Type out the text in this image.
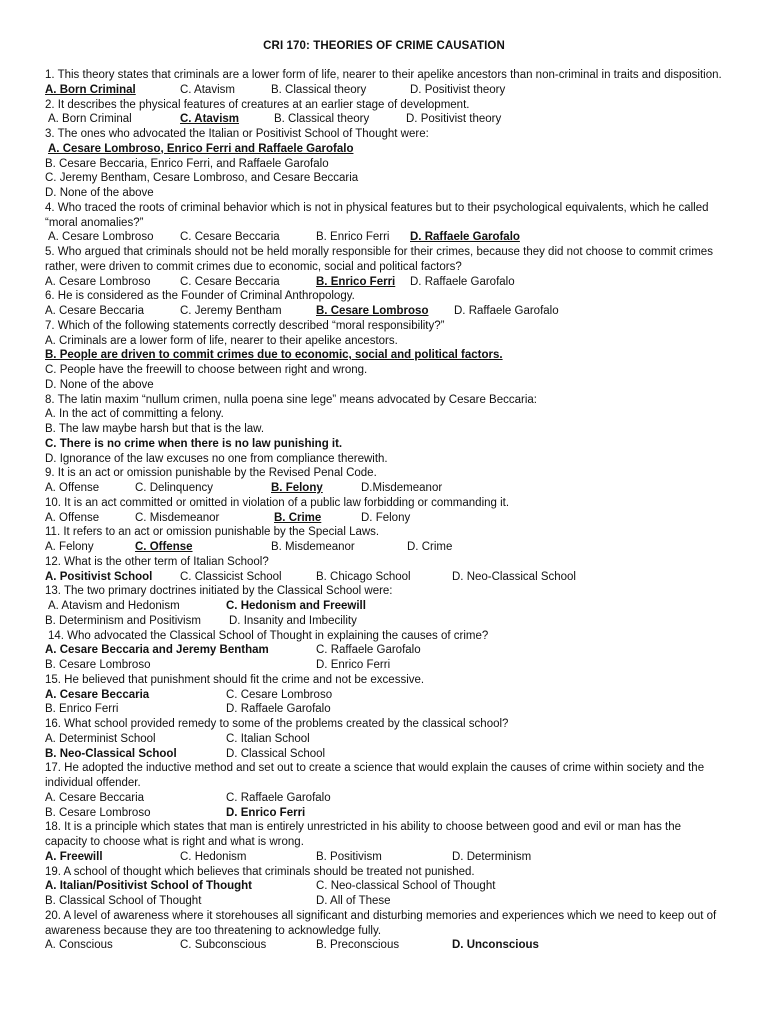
CRI 170: THEORIES OF CRIME CAUSATION
1. This theory states that criminals are a lower form of life, nearer to their apelike ancestors than non-criminal in traits and disposition.
A. Born Criminal	C. Atavism	B. Classical theory	D. Positivist theory
2. It describes the physical features of creatures at an earlier stage of development.
A. Born Criminal	C. Atavism	B. Classical theory	D. Positivist theory
3. The ones who advocated the Italian or Positivist School of Thought were:
A. Cesare Lombroso, Enrico Ferri and Raffaele Garofalo
B. Cesare Beccaria, Enrico Ferri, and Raffaele Garofalo
C. Jeremy Bentham, Cesare Lombroso, and Cesare Beccaria
D. None of the above
4. Who traced the roots of criminal behavior which is not in physical features but to their psychological equivalents, which he called “moral anomalies?”
A. Cesare Lombroso C. Cesare Beccaria	B. Enrico Ferri D. Raffaele Garofalo
5. Who argued that criminals should not be held morally responsible for their crimes, because they did not choose to commit crimes rather, were driven to commit crimes due to economic, social and political factors?
A. Cesare Lombroso	C. Cesare Beccaria	B. Enrico Ferri D. Raffaele Garofalo
6. He is considered as the Founder of Criminal Anthropology.
A. Cesare Beccaria	C. Jeremy Bentham	B. Cesare Lombroso D. Raffaele Garofalo
7. Which of the following statements correctly described “moral responsibility?”
A. Criminals are a lower form of life, nearer to their apelike ancestors.
B. People are driven to commit crimes due to economic, social and political factors.
C. People have the freewill to choose between right and wrong.
D. None of the above
8. The latin maxim “nullum crimen, nulla poena sine lege” means advocated by Cesare Beccaria:
A. In the act of committing a felony.
B. The law maybe harsh but that is the law.
C. There is no crime when there is no law punishing it.
D. Ignorance of the law excuses no one from compliance therewith.
9. It is an act or omission punishable by the Revised Penal Code.
A. Offense	C. Delinquency	B. Felony	D.Misdemeanor
10. It is an act committed or omitted in violation of a public law forbidding or commanding it.
A. Offense	C. Misdemeanor	B. Crime	D. Felony
11. It refers to an act or omission punishable by the Special Laws.
A. Felony	C. Offense	B. Misdemeanor	D. Crime
12. What is the other term of Italian School?
A. Positivist School C. Classicist School	B. Chicago School	D. Neo-Classical School
13. The two primary doctrines initiated by the Classical School were:
A. Atavism and Hedonism	C. Hedonism and Freewill
B. Determinism and Positivism D. Insanity and Imbecility
14. Who advocated the Classical School of Thought in explaining the causes of crime?
A. Cesare Beccaria and Jeremy Bentham	C. Raffaele Garofalo
B. Cesare Lombroso	D. Enrico Ferri
15. He believed that punishment should fit the crime and not be excessive.
A. Cesare Beccaria	C. Cesare Lombroso
B. Enrico Ferri	D. Raffaele Garofalo
16. What school provided remedy to some of the problems created by the classical school?
A. Determinist School	C. Italian School
B. Neo-Classical School	D. Classical School
17. He adopted the inductive method and set out to create a science that would explain the causes of crime within society and the individual offender.
A. Cesare Beccaria	C. Raffaele Garofalo
B. Cesare Lombroso	D. Enrico Ferri
18. It is a principle which states that man is entirely unrestricted in his ability to choose between good and evil or man has the capacity to choose what is right and what is wrong.
A. Freewill	C. Hedonism	B. Positivism	D. Determinism
19. A school of thought which believes that criminals should be treated not punished.
A. Italian/Positivist School of Thought	C. Neo-classical School of Thought
B. Classical School of Thought	D. All of These
20. A level of awareness where it storehouses all significant and disturbing memories and experiences which we need to keep out of awareness because they are too threatening to acknowledge fully.
A. Conscious	C. Subconscious	B. Preconscious	D. Unconscious
